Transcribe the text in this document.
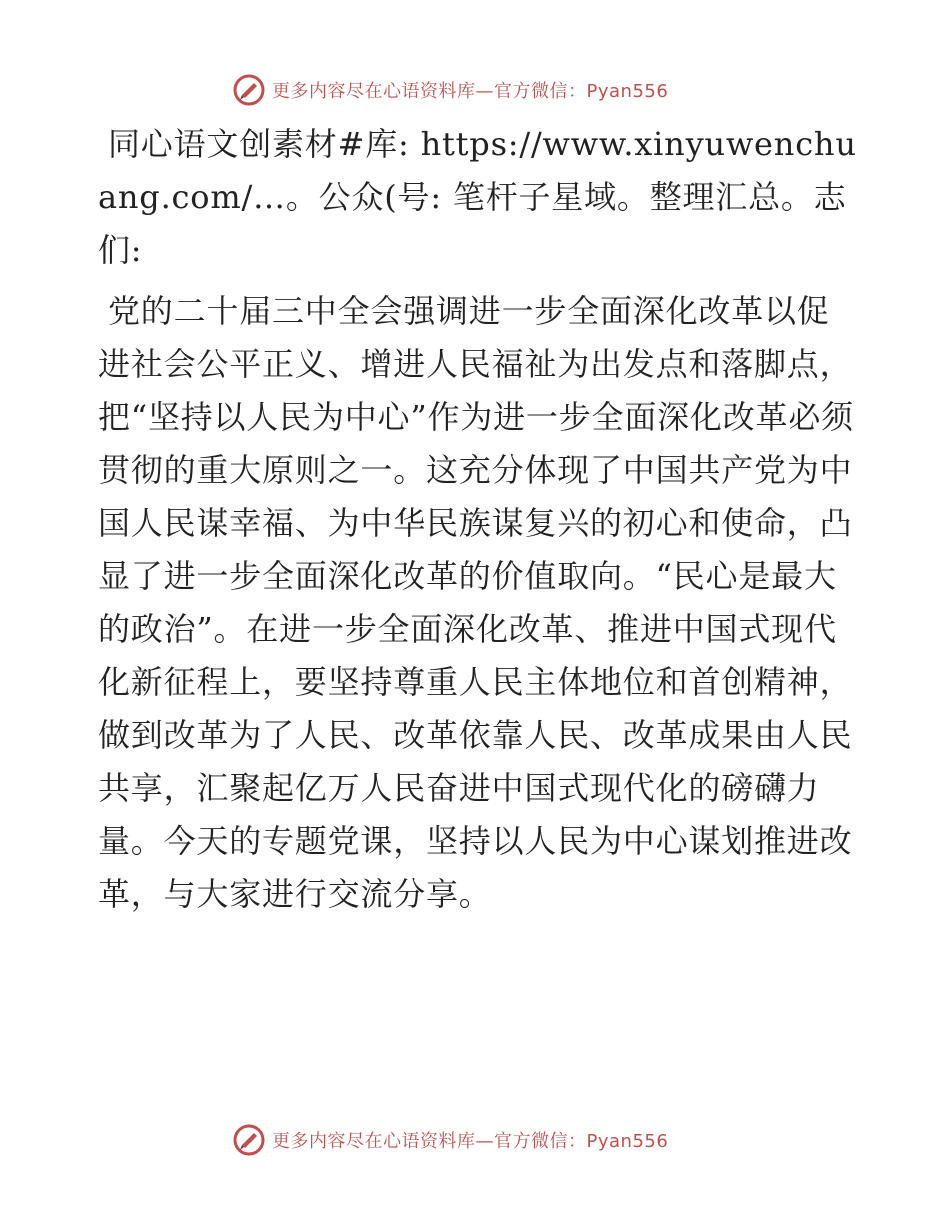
更多内容尽在心语资料库—官方微信：Pyan556

同心语文创素材#库: https://www.xinyuwenchuang.com/…。公众(号: 笔杆子星域。整理汇总。志们:

党的二十届三中全会强调进一步全面深化改革以促进社会公平正义、增进人民福祉为出发点和落脚点，把“坚持以人民为中心”作为进一步全面深化改革必须贯彻的重大原则之一。这充分体现了中国共产党为中国人民谋幸福、为中华民族谋复兴的初心和使命，凸显了进一步全面深化改革的价值取向。“民心是最大的政治”。在进一步全面深化改革、推进中国式现代化新征程上，要坚持尊重人民主体地位和首创精神，做到改革为了人民、改革依靠人民、改革成果由人民共享，汇聚起亿万人民奋进中国式现代化的磅礴力量。今天的专题党课，坚持以人民为中心谋划推进改革，与大家进行交流分享。

更多内容尽在心语资料库—官方微信：Pyan556
